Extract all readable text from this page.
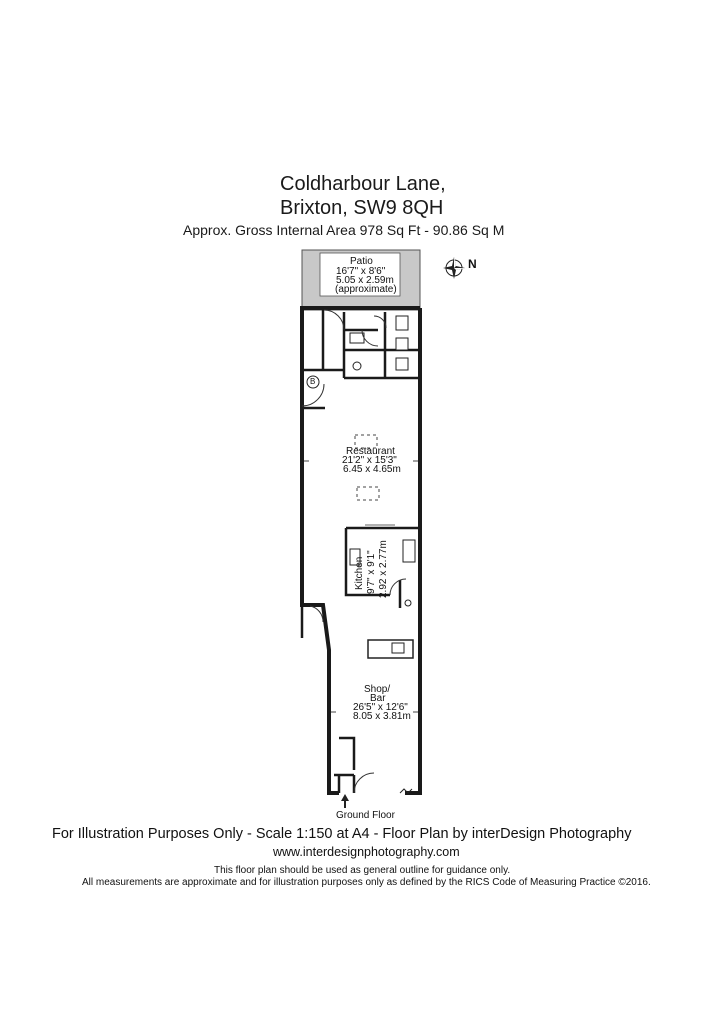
Coldharbour Lane,
Brixton, SW9 8QH
Approx. Gross Internal Area 978 Sq Ft - 90.86 Sq M
N
Patio
16'7" x 8'6"
5.05 x 2.59m
(approximate)
B
Restaurant
21'2" x 15'3"
6.45 x 4.65m
Kitchen 9'7" x 9'1" 2.92 x 2.77m
Shop/
Bar
26'5" x 12'6"
8.05 x 3.81m
Ground Floor
For Illustration Purposes Only - Scale 1:150 at A4 - Floor Plan by interDesign Photography
www.interdesignphotography.com
This floor plan should be used as general outline for guidance only.
All measurements are approximate and for illustration purposes only as defined by the RICS Code of Measuring Practice ©2016.
